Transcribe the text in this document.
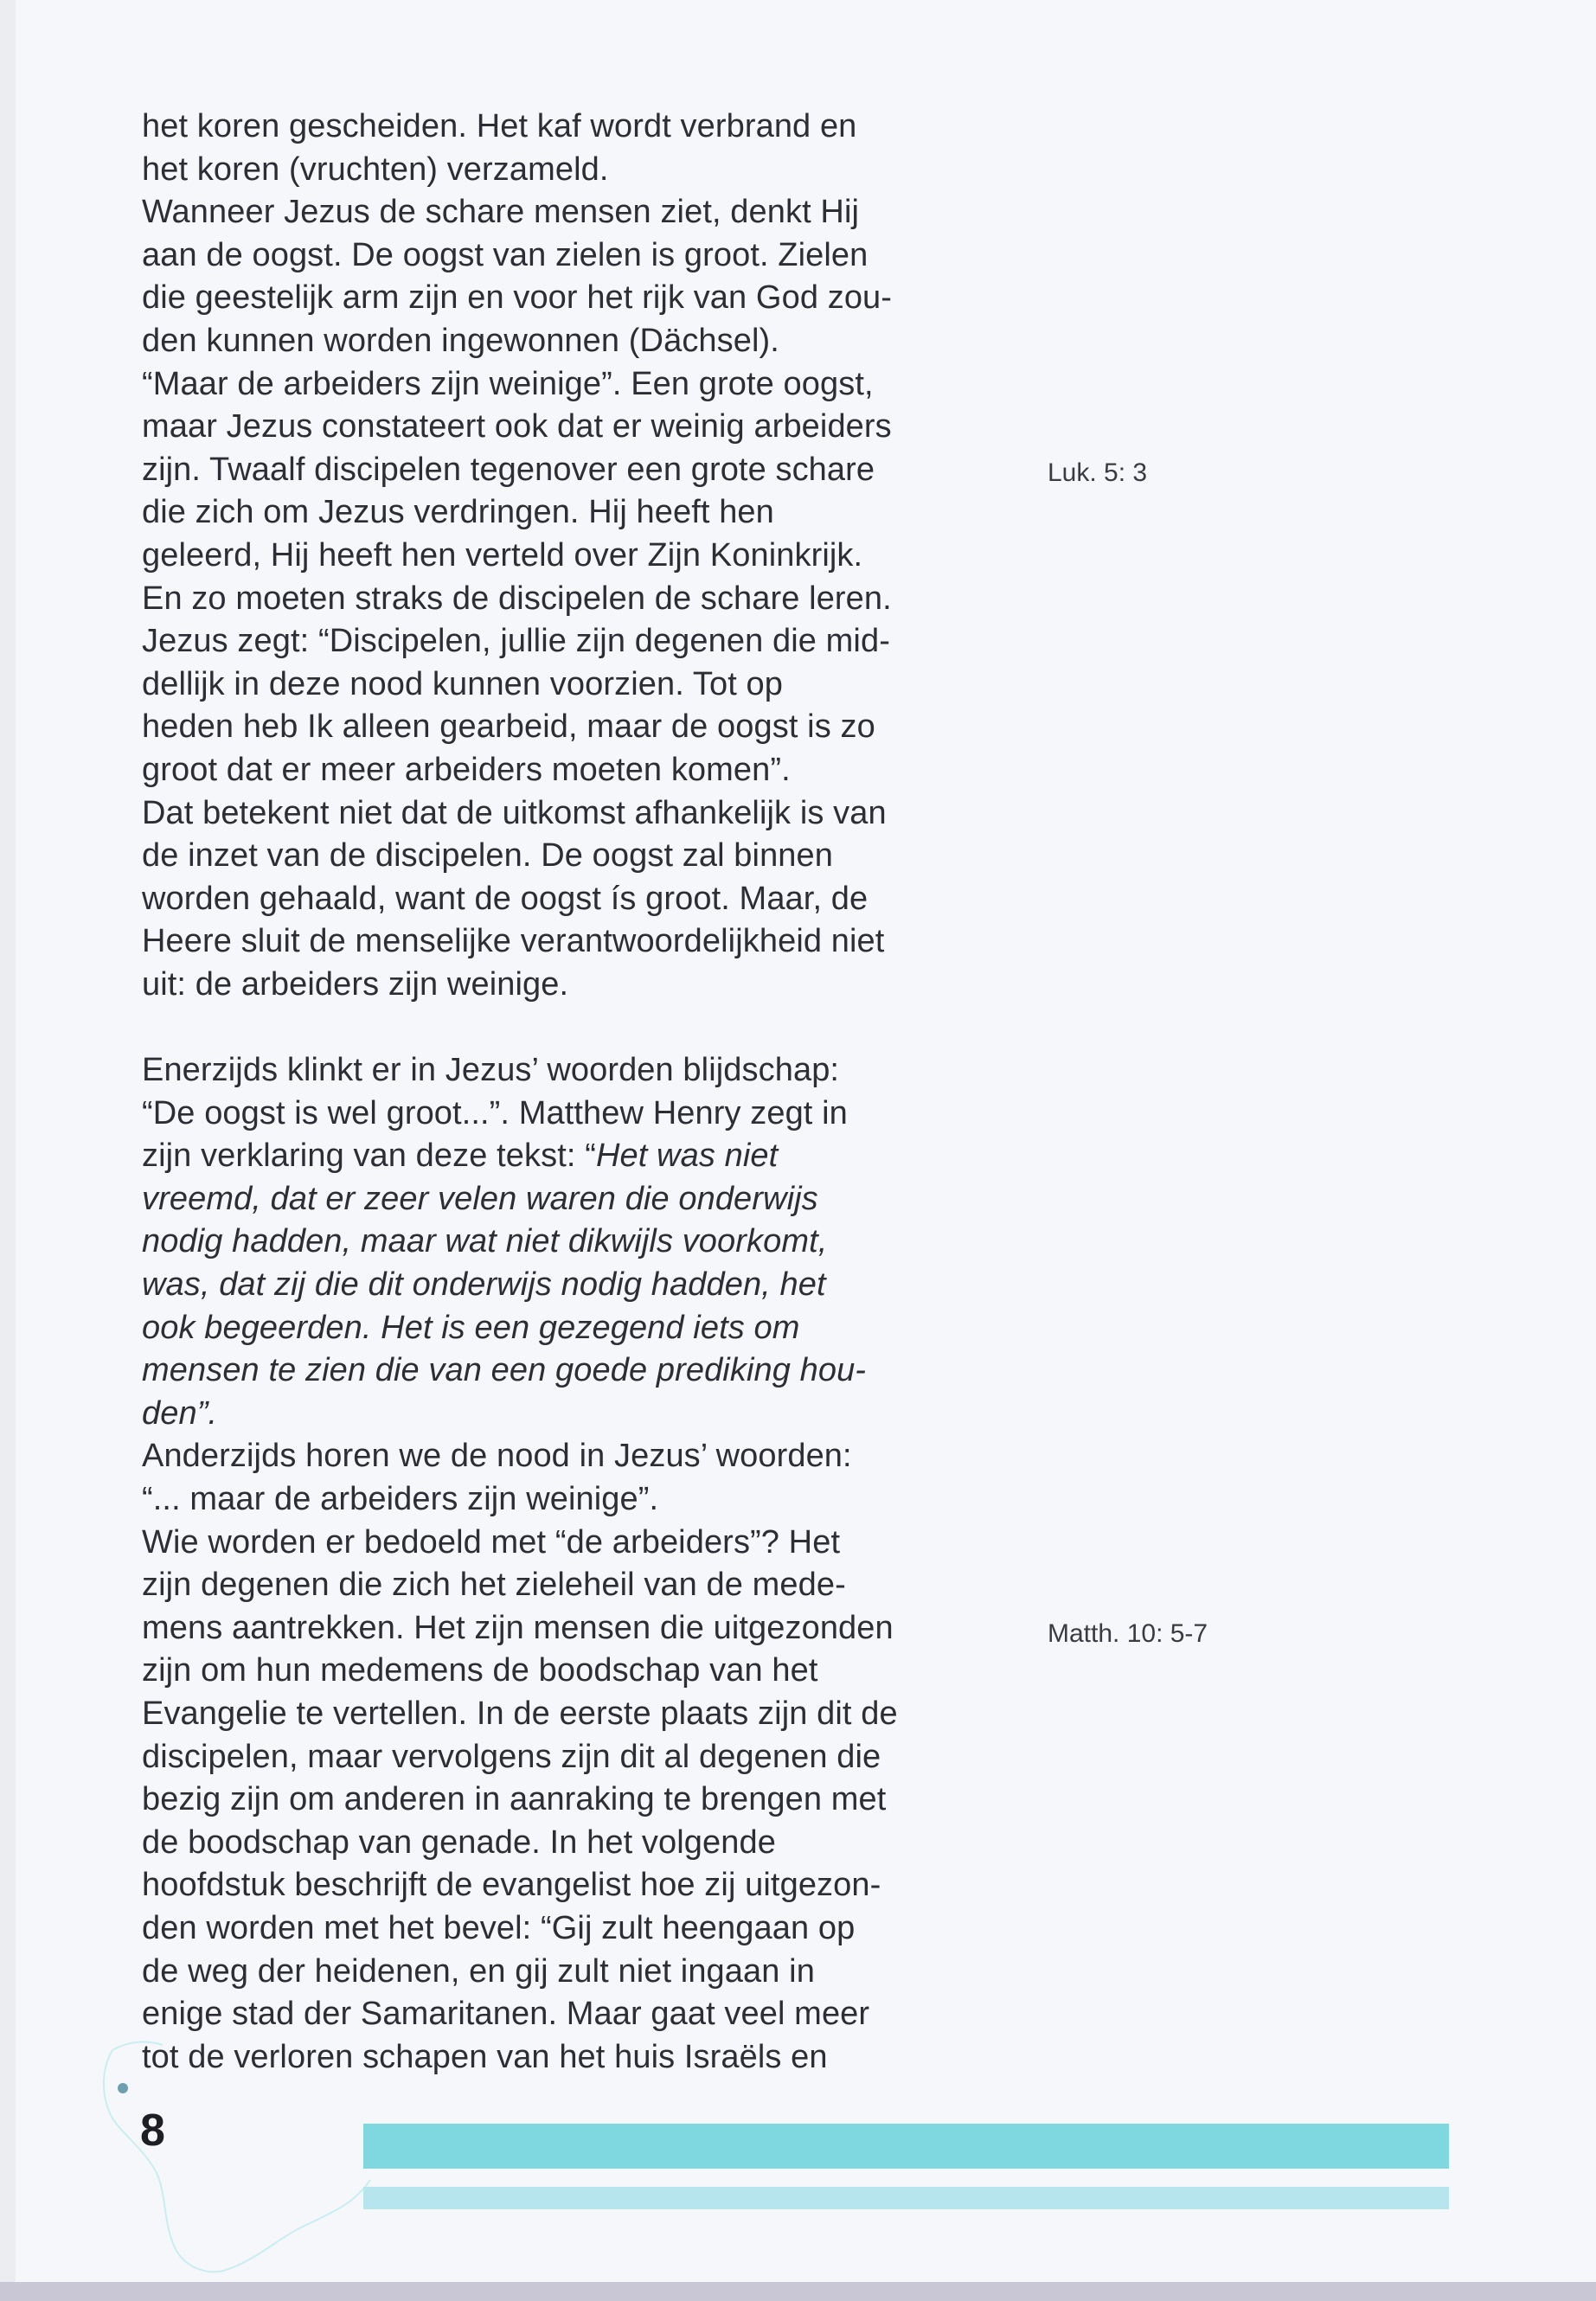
het koren gescheiden. Het kaf wordt verbrand en

het koren (vruchten) verzameld.

Wanneer Jezus de schare mensen ziet, denkt Hij

aan de oogst. De oogst van zielen is groot. Zielen

die geestelijk arm zijn en voor het rijk van God zou-

den kunnen worden ingewonnen (Dächsel).

“Maar de arbeiders zijn weinige”. Een grote oogst,

maar Jezus constateert ook dat er weinig arbeiders

zijn. Twaalf discipelen tegenover een grote schare

die zich om Jezus verdringen. Hij heeft hen

geleerd, Hij heeft hen verteld over Zijn Koninkrijk.

En zo moeten straks de discipelen de schare leren.

Jezus zegt: “Discipelen, jullie zijn degenen die mid-

dellijk in deze nood kunnen voorzien. Tot op

heden heb Ik alleen gearbeid, maar de oogst is zo

groot dat er meer arbeiders moeten komen”.

Dat betekent niet dat de uitkomst afhankelijk is van

de inzet van de discipelen. De oogst zal binnen

worden gehaald, want de oogst ís groot. Maar, de

Heere sluit de menselijke verantwoordelijkheid niet

uit: de arbeiders zijn weinige.

Enerzijds klinkt er in Jezus’ woorden blijdschap:

“De oogst is wel groot...”. Matthew Henry zegt in

zijn verklaring van deze tekst: “Het was niet

vreemd, dat er zeer velen waren die onderwijs

nodig hadden, maar wat niet dikwijls voorkomt,

was, dat zij die dit onderwijs nodig hadden, het

ook begeerden. Het is een gezegend iets om

mensen te zien die van een goede prediking hou-

den”.

Anderzijds horen we de nood in Jezus’ woorden:

“... maar de arbeiders zijn weinige”.

Wie worden er bedoeld met “de arbeiders”? Het

zijn degenen die zich het zieleheil van de mede-

mens aantrekken. Het zijn mensen die uitgezonden

zijn om hun medemens de boodschap van het

Evangelie te vertellen. In de eerste plaats zijn dit de

discipelen, maar vervolgens zijn dit al degenen die

bezig zijn om anderen in aanraking te brengen met

de boodschap van genade. In het volgende

hoofdstuk beschrijft de evangelist hoe zij uitgezon-

den worden met het bevel: “Gij zult heengaan op

de weg der heidenen, en gij zult niet ingaan in

enige stad der Samaritanen. Maar gaat veel meer

tot de verloren schapen van het huis Israëls en

Luk. 5: 3
Matth. 10: 5-7
8
